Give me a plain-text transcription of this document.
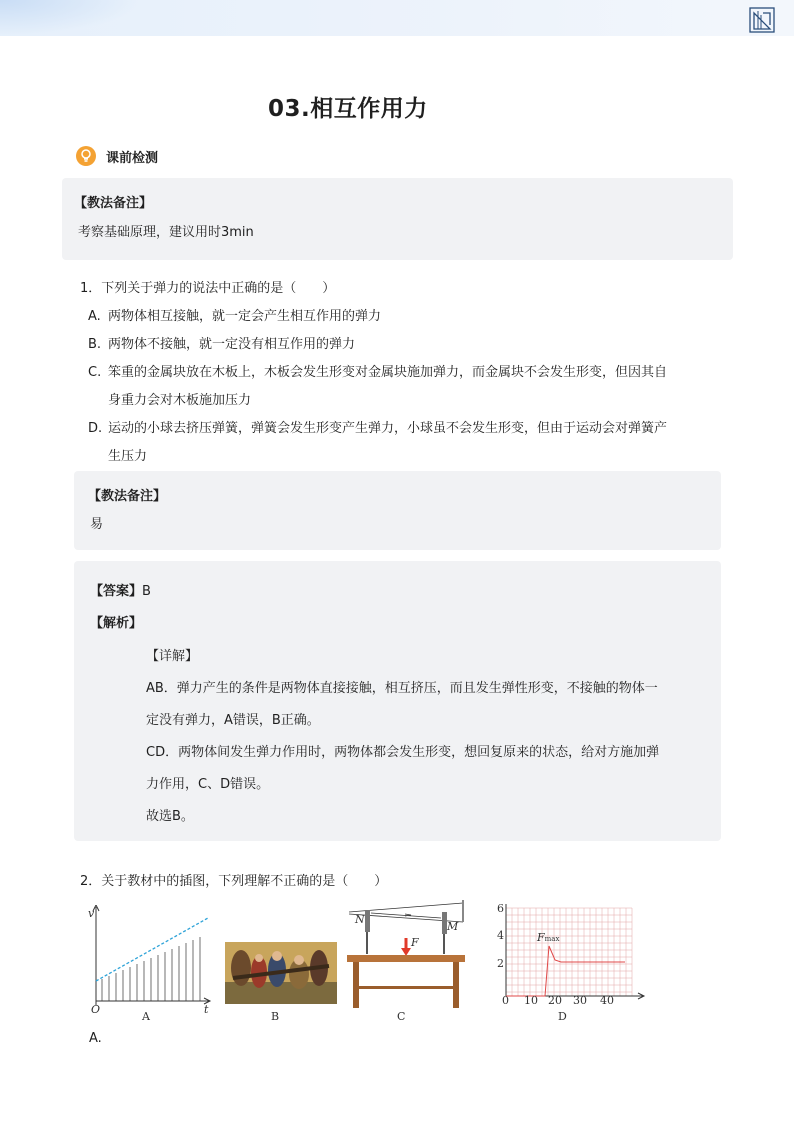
03.相互作用力
课前检测
【教法备注】
考察基础原理，建议用时3min
1．下列关于弹力的说法中正确的是（　　）
A. 两物体相互接触，就一定会产生相互作用的弹力
B. 两物体不接触，就一定没有相互作用的弹力
C. 笨重的金属块放在木板上，木板会发生形变对金属块施加弹力，而金属块不会发生形变，但因其自
身重力会对木板施加压力
D. 运动的小球去挤压弹簧，弹簧会发生形变产生弹力，小球虽不会发生形变，但由于运动会对弹簧产
生压力
【教法备注】
易
【答案】B
【解析】
【详解】
AB．弹力产生的条件是两物体直接接触，相互挤压，而且发生弹性形变，不接触的物体一
定没有弹力，A错误，B正确。
CD．两物体间发生弹力作用时，两物体都会发生形变，想回复原来的状态，给对方施加弹
力作用，C、D错误。
故选B。
2．关于教材中的插图，下列理解不正确的是（　　）
v
t
O
A	B
N
M
F
C
6
4
2
0 10 20 30 40
Fmax
D
A.
